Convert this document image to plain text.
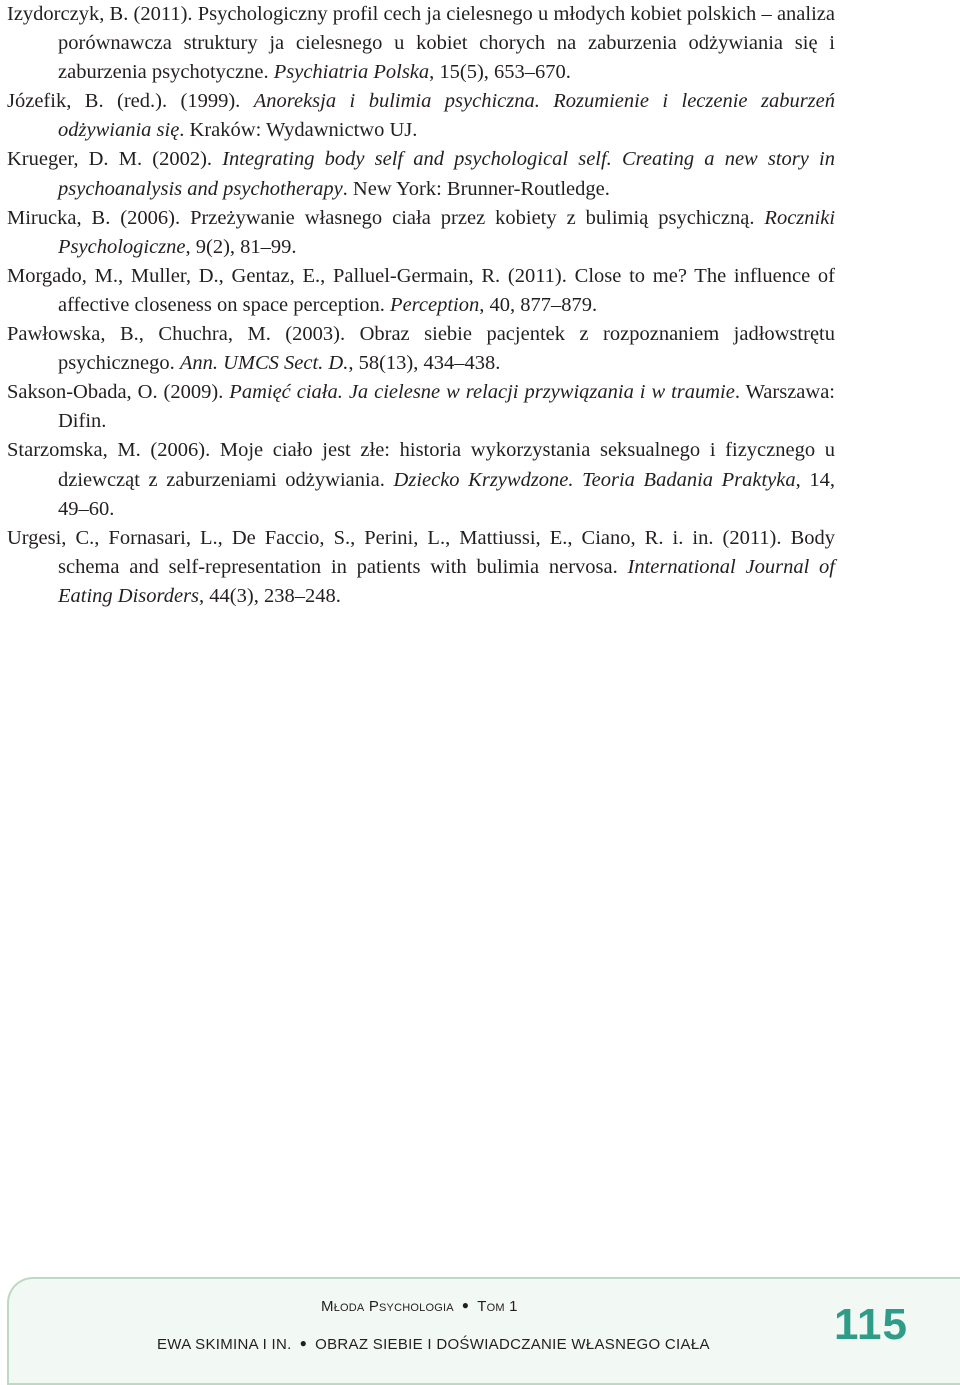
Izydorczyk, B. (2011). Psychologiczny profil cech ja cielesnego u młodych kobiet polskich – analiza porównawcza struktury ja cielesnego u kobiet chorych na zaburzenia odżywiania się i zaburzenia psychotyczne. Psychiatria Polska, 15(5), 653–670.

Józefik, B. (red.). (1999). Anoreksja i bulimia psychiczna. Rozumienie i leczenie zaburzeń odżywiania się. Kraków: Wydawnictwo UJ.

Krueger, D. M. (2002). Integrating body self and psychological self. Creating a new story in psychoanalysis and psychotherapy. New York: Brunner-Routledge.

Mirucka, B. (2006). Przeżywanie własnego ciała przez kobiety z bulimią psychiczną. Roczniki Psychologiczne, 9(2), 81–99.

Morgado, M., Muller, D., Gentaz, E., Palluel-Germain, R. (2011). Close to me? The influence of affective closeness on space perception. Perception, 40, 877–879.

Pawłowska, B., Chuchra, M. (2003). Obraz siebie pacjentek z rozpoznaniem jadłowstrętu psychicznego. Ann. UMCS Sect. D., 58(13), 434–438.

Sakson-Obada, O. (2009). Pamięć ciała. Ja cielesne w relacji przywiązania i w traumie. Warszawa: Difin.

Starzomska, M. (2006). Moje ciało jest złe: historia wykorzystania seksualnego i fizycznego u dziewcząt z zaburzeniami odżywiania. Dziecko Krzywdzone. Teoria Badania Praktyka, 14, 49–60.

Urgesi, C., Fornasari, L., De Faccio, S., Perini, L., Mattiussi, E., Ciano, R. i. in. (2011). Body schema and self-representation in patients with bulimia nervosa. International Journal of Eating Disorders, 44(3), 238–248.

Młoda Psychologia ● Tom 1
EWA SKIMINA I IN. ● OBRAZ SIEBIE I DOŚWIADCZANIE WŁASNEGO CIAŁA	115
